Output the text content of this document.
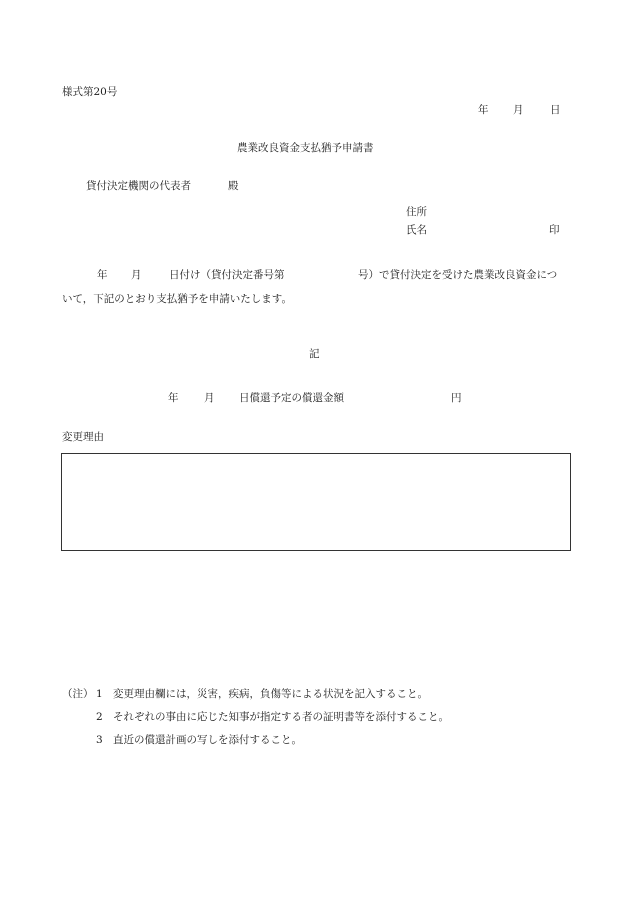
様式第20号
年 月	日
農業改良資金支払猶予申請書
貸付決定機関の代表者	殿
住所
氏名	印
年 月	日付け（貸付決定番号第	号）で貸付決定を受けた農業改良資金につ
いて，下記のとおり支払猶予を申請いたします。
記
年 月 日償還予定の償還金額	円
変更理由
（注） 1 変更理由欄には，災害，疾病，負傷等による状況を記入すること。
2 それぞれの事由に応じた知事が指定する者の証明書等を添付すること。
3 直近の償還計画の写しを添付すること。
